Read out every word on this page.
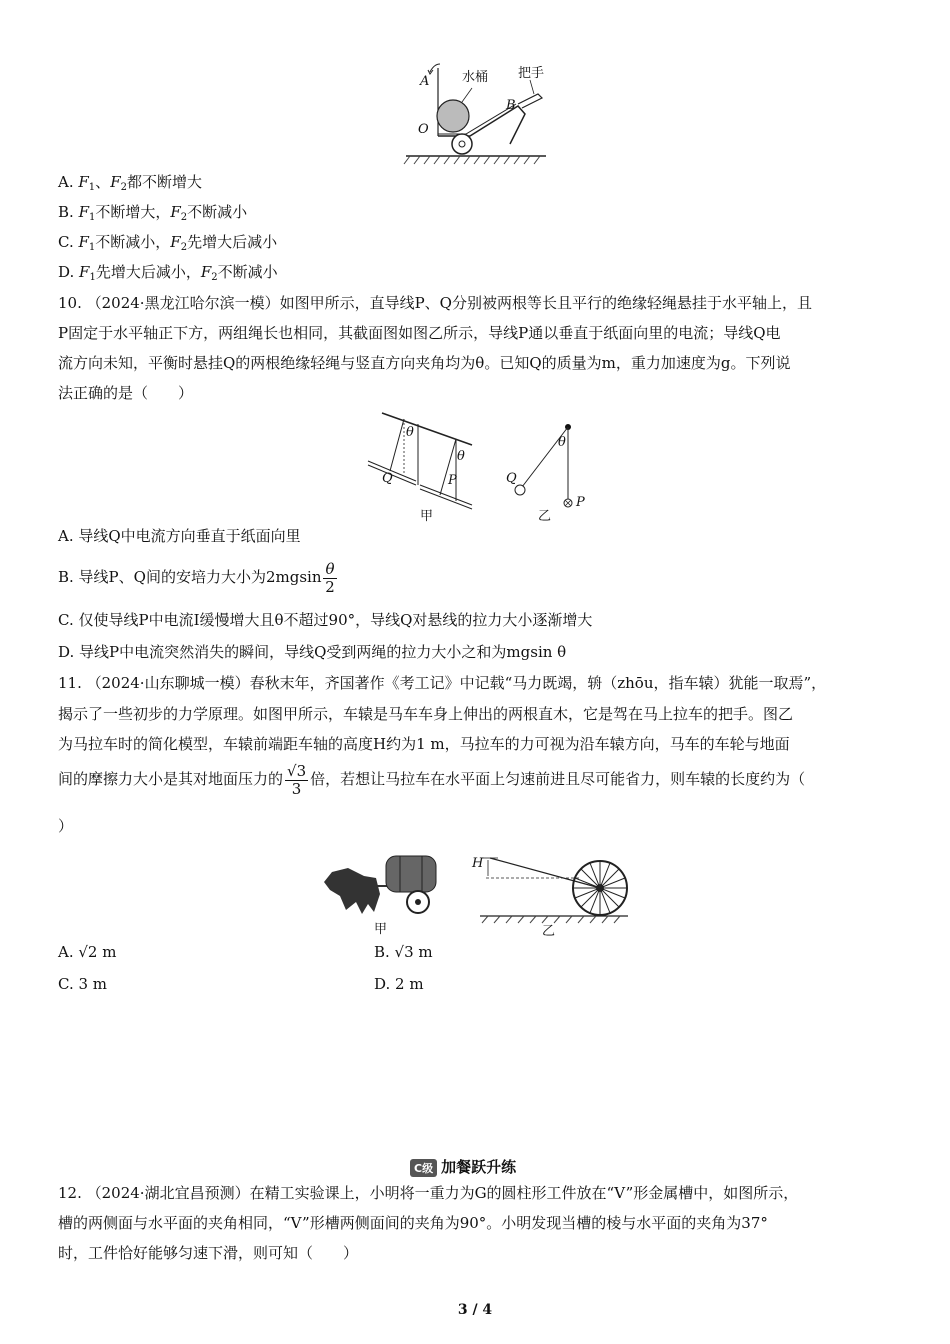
水桶 把手
A
B
O
A. $F_1$、$F_2$都不断增大
B. $F_1$不断增大，$F_2$不断减小
C. $F_1$不断减小，$F_2$先增大后减小
D. $F_1$先增大后减小，$F_2$不断减小
10. （2024·黑龙江哈尔滨一模）如图甲所示，直导线P、Q分别被两根等长且平行的绝缘轻绳悬挂于水平轴上，且
P固定于水平轴正下方，两组绳长也相同，其截面图如图乙所示，导线P通以垂直于纸面向里的电流；导线Q电
流方向未知，平衡时悬挂Q的两根绝缘轻绳与竖直方向夹角均为θ。已知Q的质量为m，重力加速度为g。下列说
法正确的是（　　）
θ
θ
θ
Q	P	Q
P
甲	乙
A. 导线Q中电流方向垂直于纸面向里
B. 导线P、Q间的安培力大小为$2mgsin \frac{\theta}{2}$
C. 仅使导线P中电流I缓慢增大且θ不超过90°，导线Q对悬线的拉力大小逐渐增大
D. 导线P中电流突然消失的瞬间，导线Q受到两绳的拉力大小之和为mgsin θ
11. （2024·山东聊城一模）春秋末年，齐国著作《考工记》中记载“马力既竭，辀（zhōu，指车辕）犹能一取焉”，
揭示了一些初步的力学原理。如图甲所示，车辕是马车车身上伸出的两根直木，它是驾在马上拉车的把手。图乙
为马拉车时的简化模型，车辕前端距车轴的高度H约为1 m，马拉车的力可视为沿车辕方向，马车的车轮与地面
间的摩擦力大小是其对地面压力的 $\frac{√3}{3}$ 倍，若想让马拉车在水平面上匀速前进且尽可能省力，则车辕的长度约为（
）
H
甲	乙
A. √2 m	B. √3 m
C. 3 m	D. 2 m
C级 加餐跃升练
12. （2024·湖北宜昌预测）在精工实验课上，小明将一重力为G的圆柱形工件放在“V”形金属槽中，如图所示，
槽的两侧面与水平面的夹角相同，“V”形槽两侧面间的夹角为90°。小明发现当槽的棱与水平面的夹角为37°
时，工件恰好能够匀速下滑，则可知（　　）
3 / 4
